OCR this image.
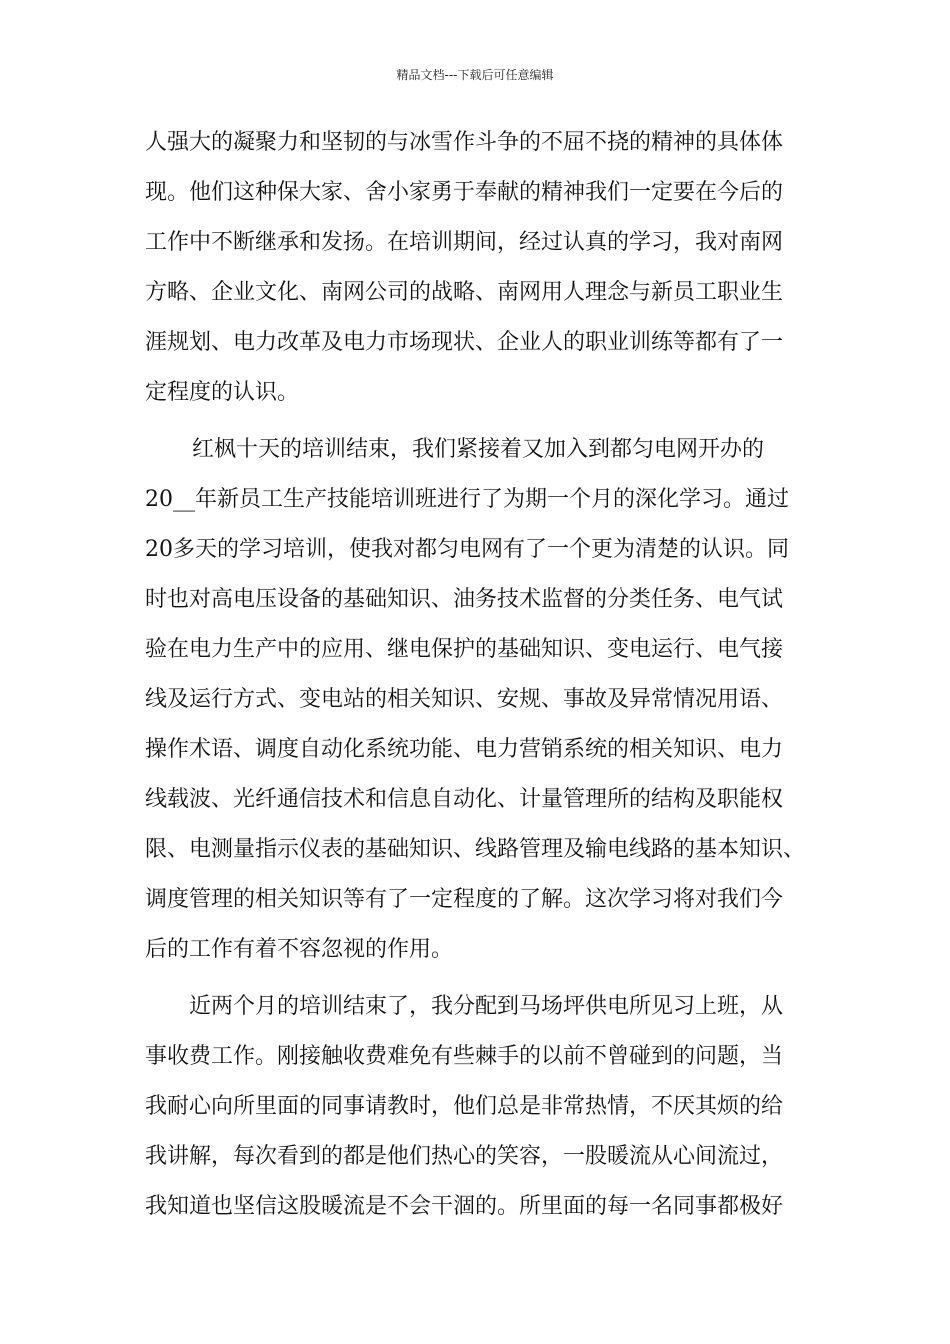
精品文档---下载后可任意编辑
人强大的凝聚力和坚韧的与冰雪作斗争的不屈不挠的精神的具体体
现。他们这种保大家、舍小家勇于奉献的精神我们一定要在今后的
工作中不断继承和发扬。在培训期间，经过认真的学习，我对南网
方略、企业文化、南网公司的战略、南网用人理念与新员工职业生
涯规划、电力改革及电力市场现状、企业人的职业训练等都有了一
定程度的认识。
红枫十天的培训结束，我们紧接着又加入到都匀电网开办的
20__年新员工生产技能培训班进行了为期一个月的深化学习。通过
20多天的学习培训，使我对都匀电网有了一个更为清楚的认识。同
时也对高电压设备的基础知识、油务技术监督的分类任务、电气试
验在电力生产中的应用、继电保护的基础知识、变电运行、电气接
线及运行方式、变电站的相关知识、安规、事故及异常情况用语、
操作术语、调度自动化系统功能、电力营销系统的相关知识、电力
线载波、光纤通信技术和信息自动化、计量管理所的结构及职能权
限、电测量指示仪表的基础知识、线路管理及输电线路的基本知识、
调度管理的相关知识等有了一定程度的了解。这次学习将对我们今
后的工作有着不容忽视的作用。
近两个月的培训结束了，我分配到马场坪供电所见习上班，从
事收费工作。刚接触收费难免有些棘手的以前不曾碰到的问题，当
我耐心向所里面的同事请教时，他们总是非常热情，不厌其烦的给
我讲解，每次看到的都是他们热心的笑容，一股暖流从心间流过，
我知道也坚信这股暖流是不会干涸的。所里面的每一名同事都极好
